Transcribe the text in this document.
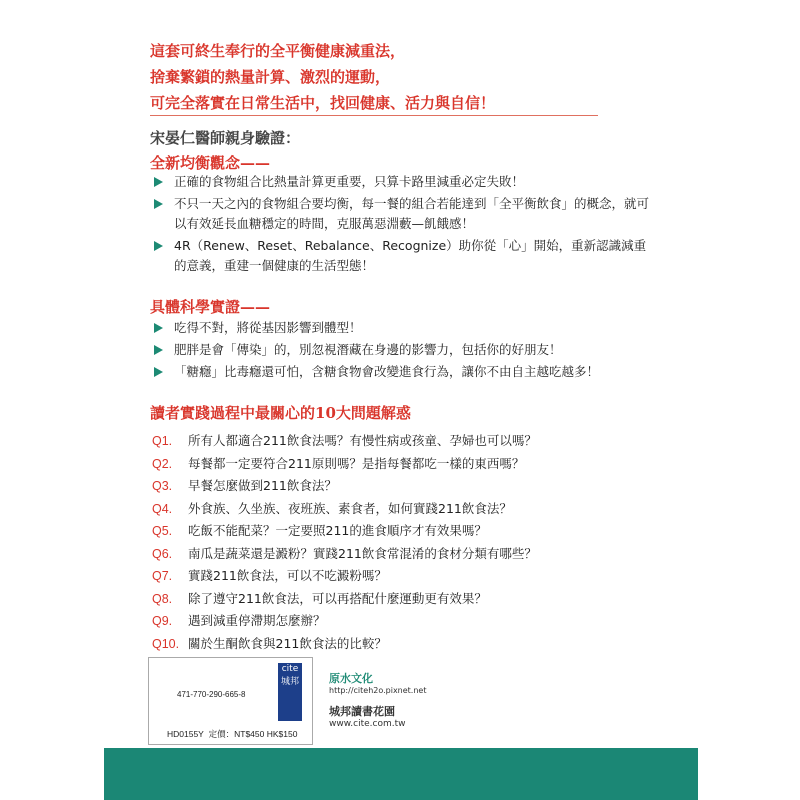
這套可終生奉行的全平衡健康減重法，
捨棄繁鎖的熱量計算、激烈的運動，
可完全落實在日常生活中，找回健康、活力與自信！
宋晏仁醫師親身驗證：
全新均衡觀念——
正確的食物組合比熱量計算更重要，只算卡路里減重必定失敗！
不只一天之內的食物組合要均衡，每一餐的組合若能達到「全平衡飲食」的概念，就可以有效延長血糖穩定的時間，克服萬惡淵藪—飢餓感！
4R（Renew、Reset、Rebalance、Recognize）助你從「心」開始，重新認識減重的意義，重建一個健康的生活型態！
具體科學實證——
吃得不對，將從基因影響到體型！
肥胖是會「傳染」的，別忽視潛藏在身邊的影響力，包括你的好朋友！
「糖癮」比毒癮還可怕，含糖食物會改變進食行為，讓你不由自主越吃越多！
讀者實踐過程中最關心的10大問題解惑
Q1. 所有人都適合211飲食法嗎？有慢性病或孩童、孕婦也可以嗎？
Q2. 每餐都一定要符合211原則嗎？是指每餐都吃一樣的東西嗎？
Q3. 早餐怎麼做到211飲食法？
Q4. 外食族、久坐族、夜班族、素食者，如何實踐211飲食法？
Q5. 吃飯不能配菜？一定要照211的進食順序才有效果嗎？
Q6. 南瓜是蔬菜還是澱粉？實踐211飲食常混淆的食材分類有哪些？
Q7. 實踐211飲食法，可以不吃澱粉嗎？
Q8. 除了遵守211飲食法，可以再搭配什麼運動更有效果？
Q9. 遇到減重停滯期怎麼辦？
Q10. 關於生酮飲食與211飲食法的比較？
471-770-290-665-8
cite 城邦
HD0155Y 定價：NT$450 HK$150
原水文化
http://citeh2o.pixnet.net
城邦讀書花園
www.cite.com.tw
